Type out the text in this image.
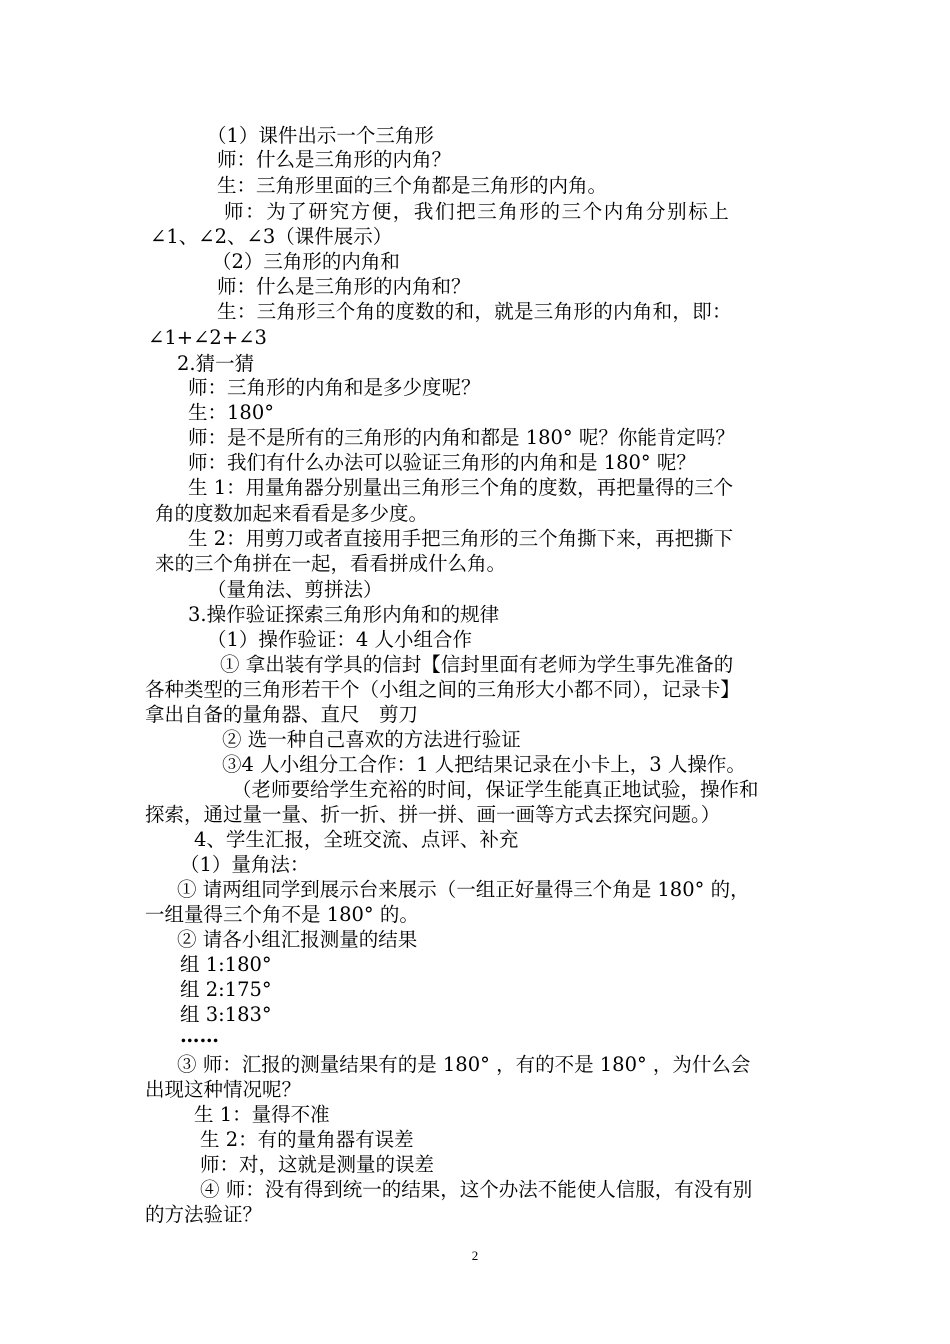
（1）课件出示一个三角形
师：什么是三角形的内角？
生：三角形里面的三个角都是三角形的内角。
师：为了研究方便，我们把三角形的三个内角分别标上
∠1、∠2、∠3（课件展示）
（2）三角形的内角和
师：什么是三角形的内角和？
生：三角形三个角的度数的和，就是三角形的内角和，即：
∠1+∠2+∠3
2.猜一猜
师：三角形的内角和是多少度呢？
生：180°
师：是不是所有的三角形的内角和都是 180° 呢？你能肯定吗？
师：我们有什么办法可以验证三角形的内角和是 180° 呢？
生 1：用量角器分别量出三角形三个角的度数，再把量得的三个
角的度数加起来看看是多少度。
生 2：用剪刀或者直接用手把三角形的三个角撕下来，再把撕下
来的三个角拼在一起，看看拼成什么角。
（量角法、剪拼法）
3.操作验证探索三角形内角和的规律
（1）操作验证：4 人小组合作
① 拿出装有学具的信封【信封里面有老师为学生事先准备的
各种类型的三角形若干个（小组之间的三角形大小都不同），记录卡】
拿出自备的量角器、直尺　剪刀
② 选一种自己喜欢的方法进行验证
③4 人小组分工合作：1 人把结果记录在小卡上，3 人操作。
（老师要给学生充裕的时间，保证学生能真正地试验，操作和
探索，通过量一量、折一折、拼一拼、画一画等方式去探究问题。）
4、学生汇报，全班交流、点评、补充
（1）量角法：
① 请两组同学到展示台来展示（一组正好量得三个角是 180° 的，
一组量得三个角不是 180° 的。
② 请各小组汇报测量的结果
组 1:180°
组 2:175°
组 3:183°
……
③ 师：汇报的测量结果有的是 180° ，有的不是 180° ，为什么会
出现这种情况呢？
生 1：量得不准
生 2：有的量角器有误差
师：对，这就是测量的误差
④ 师：没有得到统一的结果，这个办法不能使人信服，有没有别
的方法验证？
2
